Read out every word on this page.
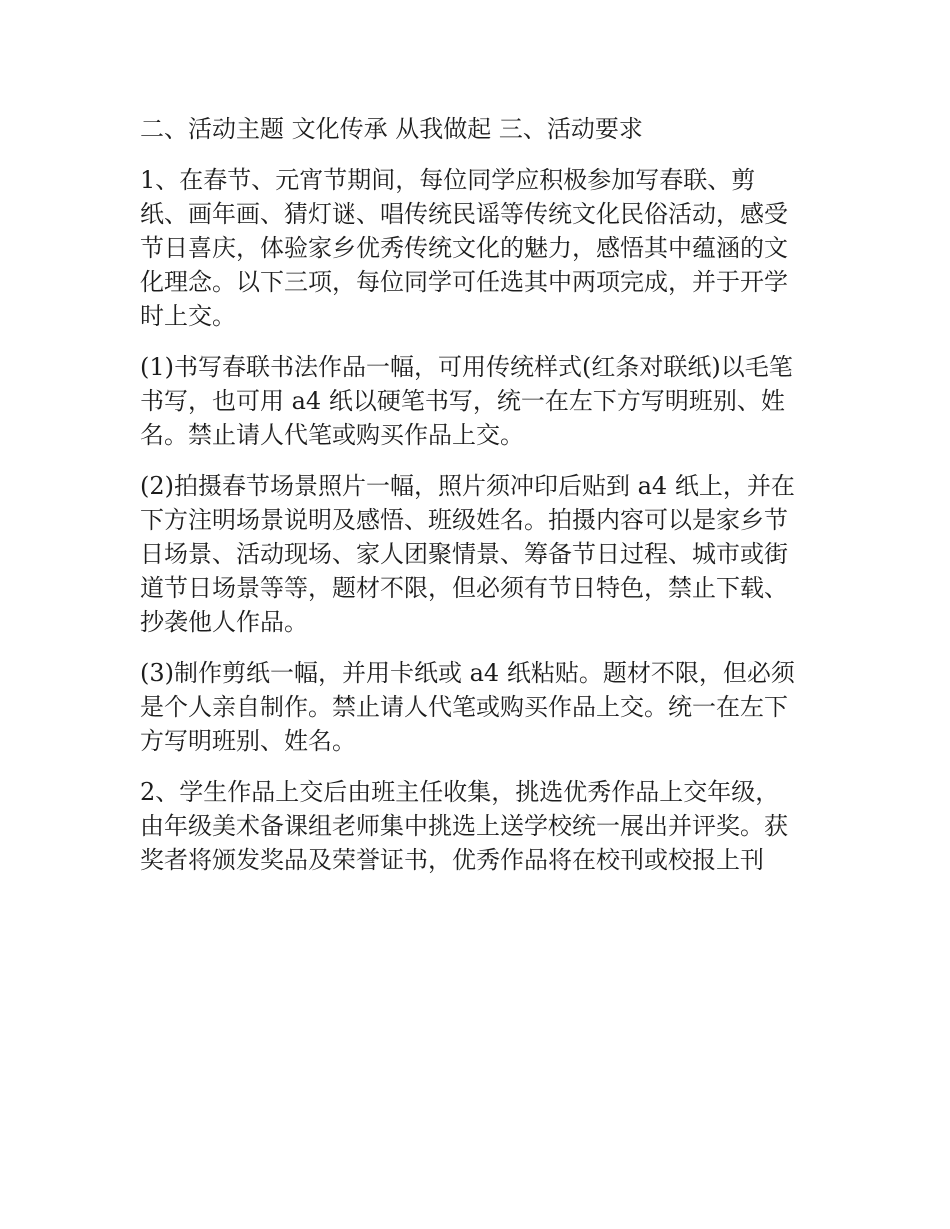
二、活动主题 文化传承 从我做起 三、活动要求

1、在春节、元宵节期间，每位同学应积极参加写春联、剪

纸、画年画、猜灯谜、唱传统民谣等传统文化民俗活动，感受

节日喜庆，体验家乡优秀传统文化的魅力，感悟其中蕴涵的文

化理念。以下三项，每位同学可任选其中两项完成，并于开学

时上交。

(1)书写春联书法作品一幅，可用传统样式(红条对联纸)以毛笔

书写，也可用 a4 纸以硬笔书写，统一在左下方写明班别、姓

名。禁止请人代笔或购买作品上交。

(2)拍摄春节场景照片一幅，照片须冲印后贴到 a4 纸上，并在

下方注明场景说明及感悟、班级姓名。拍摄内容可以是家乡节

日场景、活动现场、家人团聚情景、筹备节日过程、城市或街

道节日场景等等，题材不限，但必须有节日特色，禁止下载、

抄袭他人作品。

(3)制作剪纸一幅，并用卡纸或 a4 纸粘贴。题材不限，但必须

是个人亲自制作。禁止请人代笔或购买作品上交。统一在左下

方写明班别、姓名。

2、学生作品上交后由班主任收集，挑选优秀作品上交年级，

由年级美术备课组老师集中挑选上送学校统一展出并评奖。获

奖者将颁发奖品及荣誉证书，优秀作品将在校刊或校报上刊
